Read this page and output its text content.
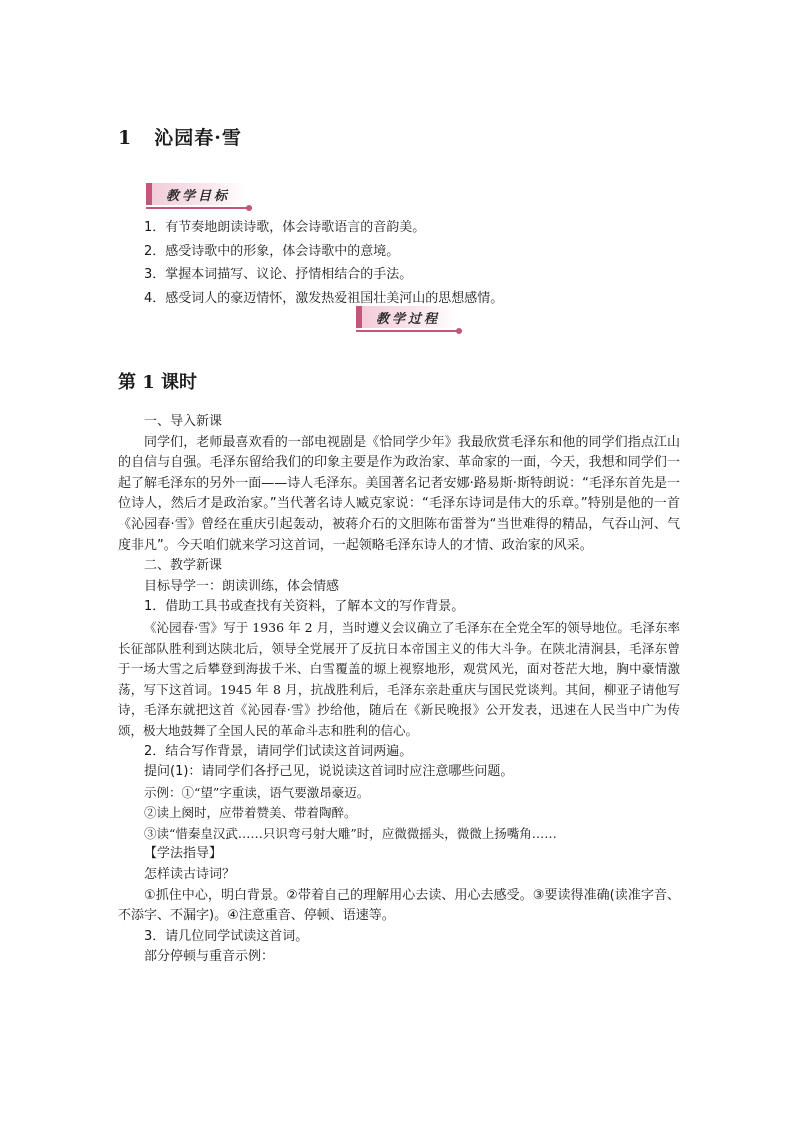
1 沁园春·雪
教学目标
1．有节奏地朗读诗歌，体会诗歌语言的音韵美。
2．感受诗歌中的形象，体会诗歌中的意境。
3．掌握本词描写、议论、抒情相结合的手法。
4．感受词人的豪迈情怀，激发热爱祖国壮美河山的思想感情。
教学过程
第 1 课时

一、导入新课

同学们，老师最喜欢看的一部电视剧是《恰同学少年》我最欣赏毛泽东和他的同学们指点江山的自信与自强。毛泽东留给我们的印象主要是作为政治家、革命家的一面，今天，我想和同学们一起了解毛泽东的另外一面——诗人毛泽东。美国著名记者安娜·路易斯·斯特朗说：“毛泽东首先是一位诗人，然后才是政治家。”当代著名诗人臧克家说：“毛泽东诗词是伟大的乐章。”特别是他的一首《沁园春·雪》曾经在重庆引起轰动，被蒋介石的文胆陈布雷誉为“当世难得的精品，气吞山河、气度非凡”。今天咱们就来学习这首词，一起领略毛泽东诗人的才情、政治家的风采。

二、教学新课

目标导学一：朗读训练，体会情感

1．借助工具书或查找有关资料，了解本文的写作背景。

《沁园春·雪》写于 1936 年 2 月，当时遵义会议确立了毛泽东在全党全军的领导地位。毛泽东率长征部队胜利到达陕北后，领导全党展开了反抗日本帝国主义的伟大斗争。在陕北清涧县，毛泽东曾于一场大雪之后攀登到海拔千米、白雪覆盖的塬上视察地形，观赏风光，面对苍茫大地，胸中豪情激荡，写下这首词。1945 年 8 月，抗战胜利后，毛泽东亲赴重庆与国民党谈判。其间，柳亚子请他写诗，毛泽东就把这首《沁园春·雪》抄给他，随后在《新民晚报》公开发表，迅速在人民当中广为传颂，极大地鼓舞了全国人民的革命斗志和胜利的信心。

2．结合写作背景，请同学们试读这首词两遍。

提问(1)：请同学们各抒己见，说说读这首词时应注意哪些问题。

示例：①“望”字重读，语气要激昂豪迈。

②读上阕时，应带着赞美、带着陶醉。

③读“惜秦皇汉武……只识弯弓射大雕”时，应微微摇头，微微上扬嘴角……

【学法指导】

怎样读古诗词？

①抓住中心，明白背景。②带着自己的理解用心去读、用心去感受。③要读得准确(读准字音、不添字、不漏字)。④注意重音、停顿、语速等。

3．请几位同学试读这首词。

部分停顿与重音示例：
